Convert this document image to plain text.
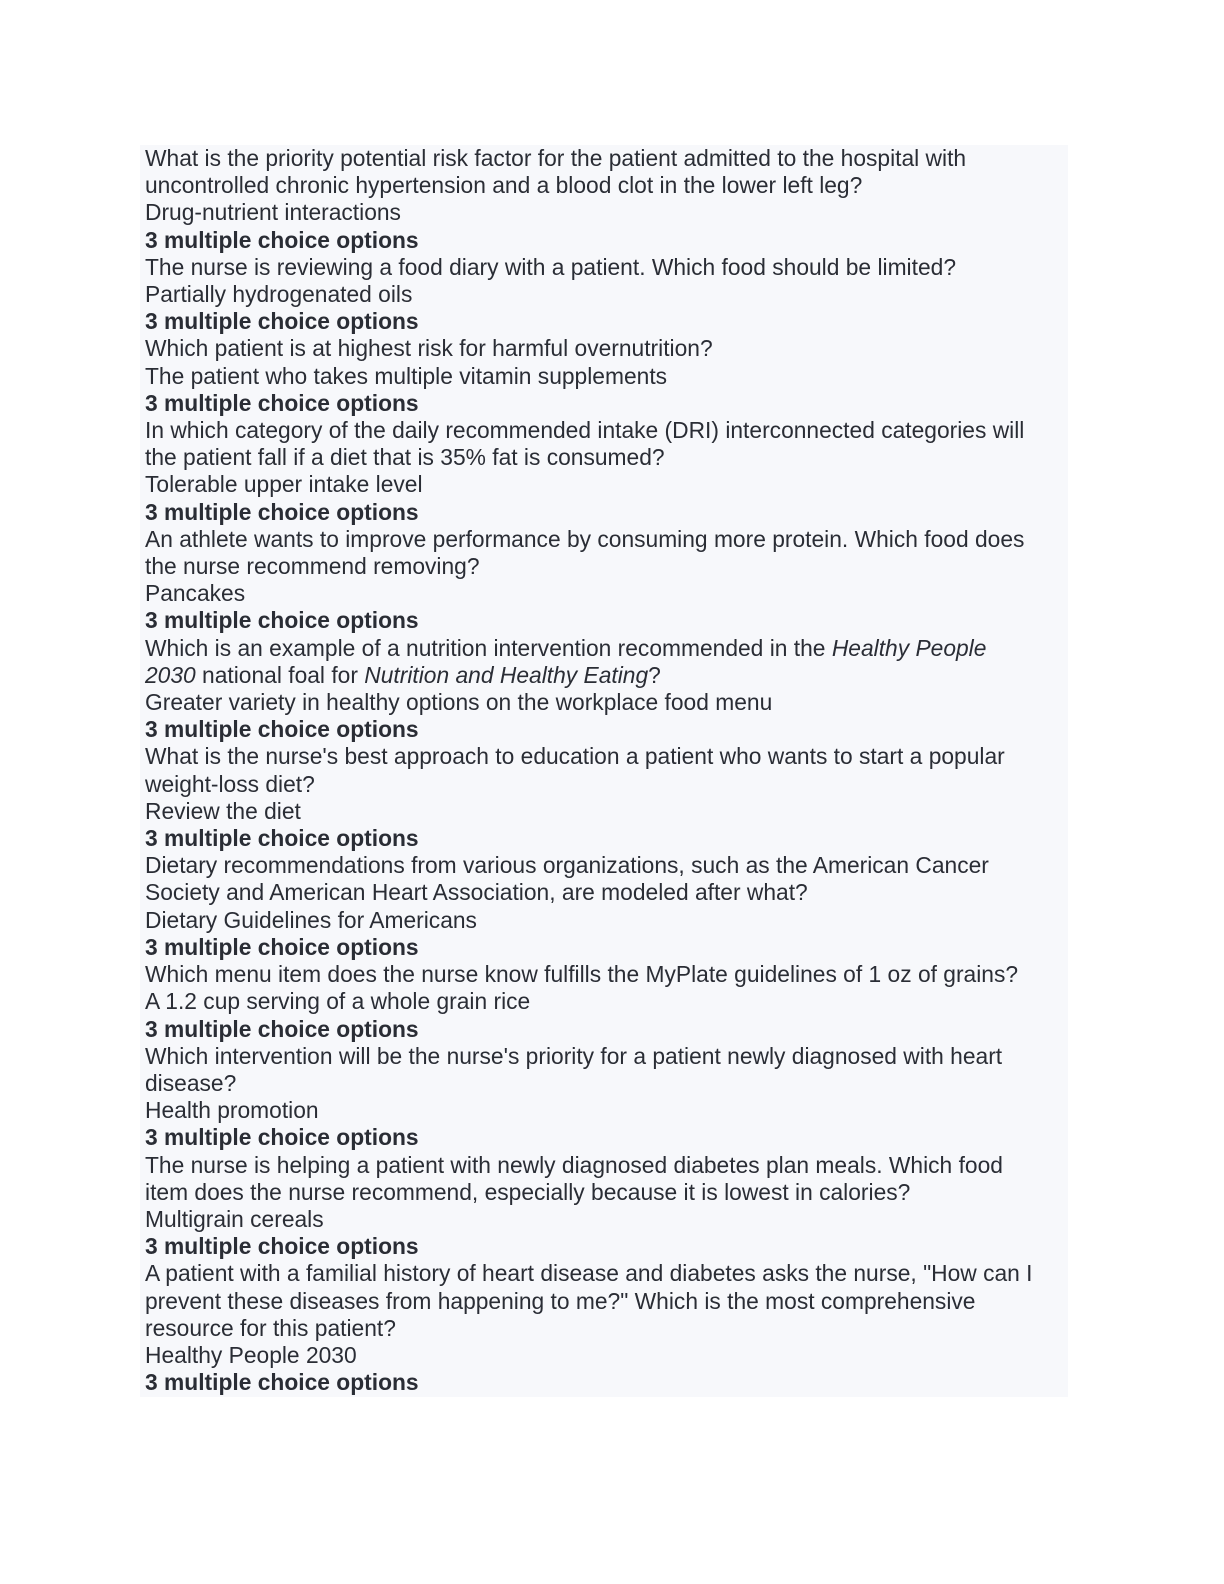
What is the priority potential risk factor for the patient admitted to the hospital with
uncontrolled chronic hypertension and a blood clot in the lower left leg?
Drug-nutrient interactions
3 multiple choice options
The nurse is reviewing a food diary with a patient. Which food should be limited?
Partially hydrogenated oils
3 multiple choice options
Which patient is at highest risk for harmful overnutrition?
The patient who takes multiple vitamin supplements
3 multiple choice options
In which category of the daily recommended intake (DRI) interconnected categories will
the patient fall if a diet that is 35% fat is consumed?
Tolerable upper intake level
3 multiple choice options
An athlete wants to improve performance by consuming more protein. Which food does
the nurse recommend removing?
Pancakes
3 multiple choice options
Which is an example of a nutrition intervention recommended in the Healthy People
2030 national foal for Nutrition and Healthy Eating?
Greater variety in healthy options on the workplace food menu
3 multiple choice options
What is the nurse's best approach to education a patient who wants to start a popular
weight-loss diet?
Review the diet
3 multiple choice options
Dietary recommendations from various organizations, such as the American Cancer
Society and American Heart Association, are modeled after what?
Dietary Guidelines for Americans
3 multiple choice options
Which menu item does the nurse know fulfills the MyPlate guidelines of 1 oz of grains?
A 1.2 cup serving of a whole grain rice
3 multiple choice options
Which intervention will be the nurse's priority for a patient newly diagnosed with heart
disease?
Health promotion
3 multiple choice options
The nurse is helping a patient with newly diagnosed diabetes plan meals. Which food
item does the nurse recommend, especially because it is lowest in calories?
Multigrain cereals
3 multiple choice options
A patient with a familial history of heart disease and diabetes asks the nurse, "How can I
prevent these diseases from happening to me?" Which is the most comprehensive
resource for this patient?
Healthy People 2030
3 multiple choice options
